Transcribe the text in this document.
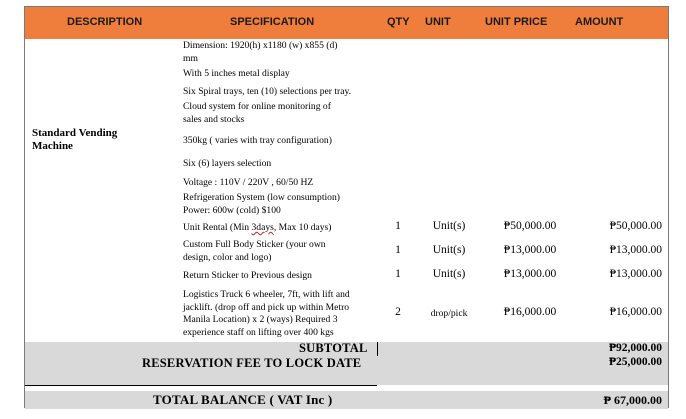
DESCRIPTION	SPECIFICATION	QTY UNIT	UNIT PRICE	AMOUNT
Standard Vending
Machine
Dimension: 1920(h) x1180 (w) x855 (d)
mm
With 5 inches metal display
Six Spiral trays, ten (10) selections per tray.
Cloud system for online monitoring of
sales and stocks
350kg ( varies with tray configuration)
Six (6) layers selection
Voltage : 110V / 220V , 60/50 HZ
Refrigeration System (low consumption)
Power: 600w (cold) $100
Unit Rental (Min 3days, Max 10 days)	1	Unit(s)	₱50,000.00	₱50,000.00
Custom Full Body Sticker (your own
design, color and logo)
1	Unit(s)	₱13,000.00	₱13,000.00
Return Sticker to Previous design	1	Unit(s)	₱13,000.00	₱13,000.00
Logistics Truck 6 wheeler, 7ft, with lift and
jacklift. (drop off and pick up within Metro
Manila Location) x 2 (ways) Required 3
experience staff on lifting over 400 kgs
2	drop/pick	₱16,000.00	₱16,000.00
SUBTOTAL	₱92,000.00
RESERVATION FEE TO LOCK DATE	₱25,000.00
TOTAL BALANCE ( VAT Inc )	₱ 67,000.00
